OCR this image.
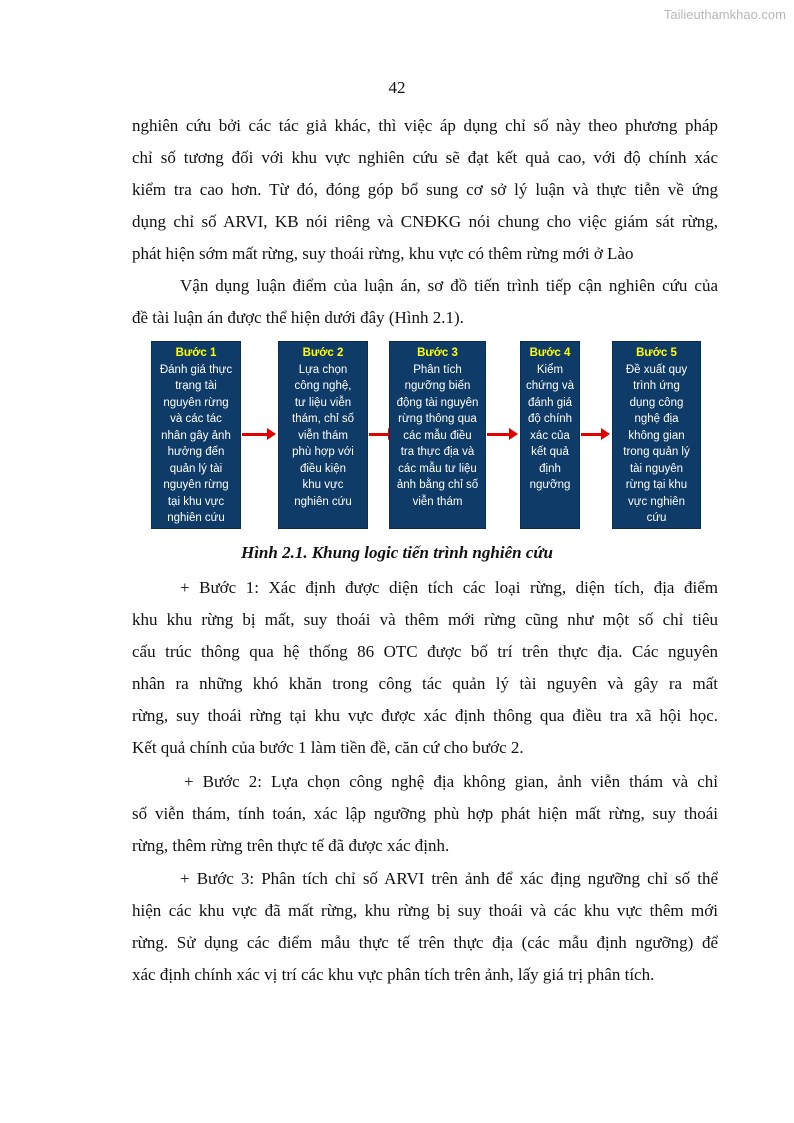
Tailieuthamkhao.com
42
nghiên cứu bởi các tác giả khác, thì việc áp dụng chỉ số này theo phương pháp
chỉ số tương đối với khu vực nghiên cứu sẽ đạt kết quả cao, với độ chính xác
kiểm tra cao hơn. Từ đó, đóng góp bổ sung cơ sở lý luận và thực tiễn về ứng
dụng chỉ số ARVI, KB nói riêng và CNĐKG nói chung cho việc giám sát rừng,
phát hiện sớm mất rừng, suy thoái rừng, khu vực có thêm rừng mới ở Lào
Vận dụng luận điểm của luận án, sơ đồ tiến trình tiếp cận nghiên cứu của
đề tài luận án được thể hiện dưới đây (Hình 2.1).
Bước 1
Đánh giá thực
trạng tài
nguyên rừng
và các tác
nhân gây ảnh
hưởng đến
quản lý tài
nguyên rừng
tại khu vực
nghiên cứu
Bước 2
Lựa chọn
công nghệ,
tư liệu viễn
thám, chỉ số
viễn thám
phù hợp với
điều kiện
khu vực
nghiên cứu
Bước 3
Phân tích
ngưỡng biến
động tài nguyên
rừng thông qua
các mẫu điều
tra thực địa và
các mẫu tư liệu
ảnh bằng chỉ số
viễn thám
Bước 4
Kiểm
chứng và
đánh giá
độ chính
xác của
kết quả
định
ngưỡng
Bước 5
Đề xuất quy
trình ứng
dụng công
nghệ địa
không gian
trong quản lý
tài nguyên
rừng tại khu
vực nghiên
cứu
Hình 2.1. Khung logic tiến trình nghiên cứu
+ Bước 1: Xác định được diện tích các loại rừng, diện tích, địa điểm
khu khu rừng bị mất, suy thoái và thêm mới rừng cũng như một số chỉ tiêu
cấu trúc thông qua hệ thống 86 OTC được bố trí trên thực địa. Các nguyên
nhân ra những khó khăn trong công tác quản lý tài nguyên và gây ra mất
rừng, suy thoái rừng tại khu vực được xác định thông qua điều tra xã hội học.
Kết quả chính của bước 1 làm tiền đề, căn cứ cho bước 2.
+ Bước 2: Lựa chọn công nghệ địa không gian, ảnh viễn thám và chỉ
số viễn thám, tính toán, xác lập ngưỡng phù hợp phát hiện mất rừng, suy thoái
rừng, thêm rừng trên thực tế đã được xác định.
+ Bước 3: Phân tích chỉ số ARVI trên ảnh để xác địng ngưỡng chỉ số thể
hiện các khu vực đã mất rừng, khu rừng bị suy thoái và các khu vực thêm mới
rừng. Sử dụng các điểm mẫu thực tế trên thực địa (các mẫu định ngưỡng) để
xác định chính xác vị trí các khu vực phân tích trên ảnh, lấy giá trị phân tích.
